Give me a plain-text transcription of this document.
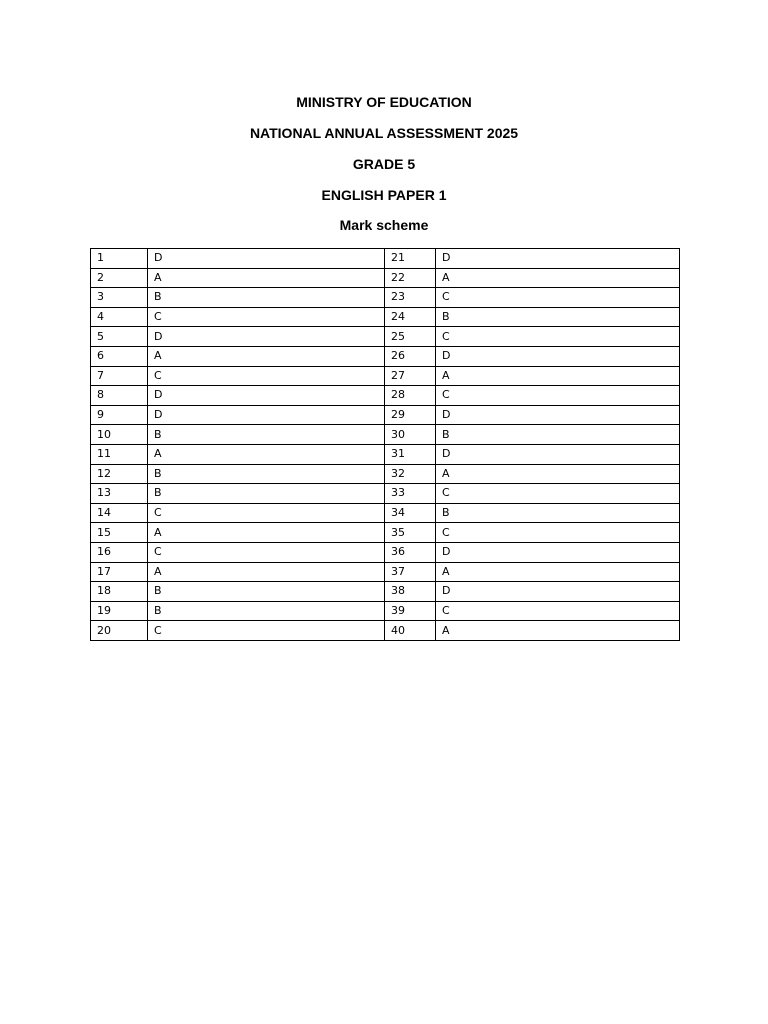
MINISTRY OF EDUCATION
NATIONAL ANNUAL ASSESSMENT 2025
GRADE 5
ENGLISH PAPER 1
Mark scheme
1	D	21	D
2	A	22	A
3	B	23	C
4	C	24	B
5	D	25	C
6	A	26	D
7	C	27	A
8	D	28	C
9	D	29	D
10	B	30	B
11	A	31	D
12	B	32	A
13	B	33	C
14	C	34	B
15	A	35	C
16	C	36	D
17	A	37	A
18	B	38	D
19	B	39	C
20	C	40	A
